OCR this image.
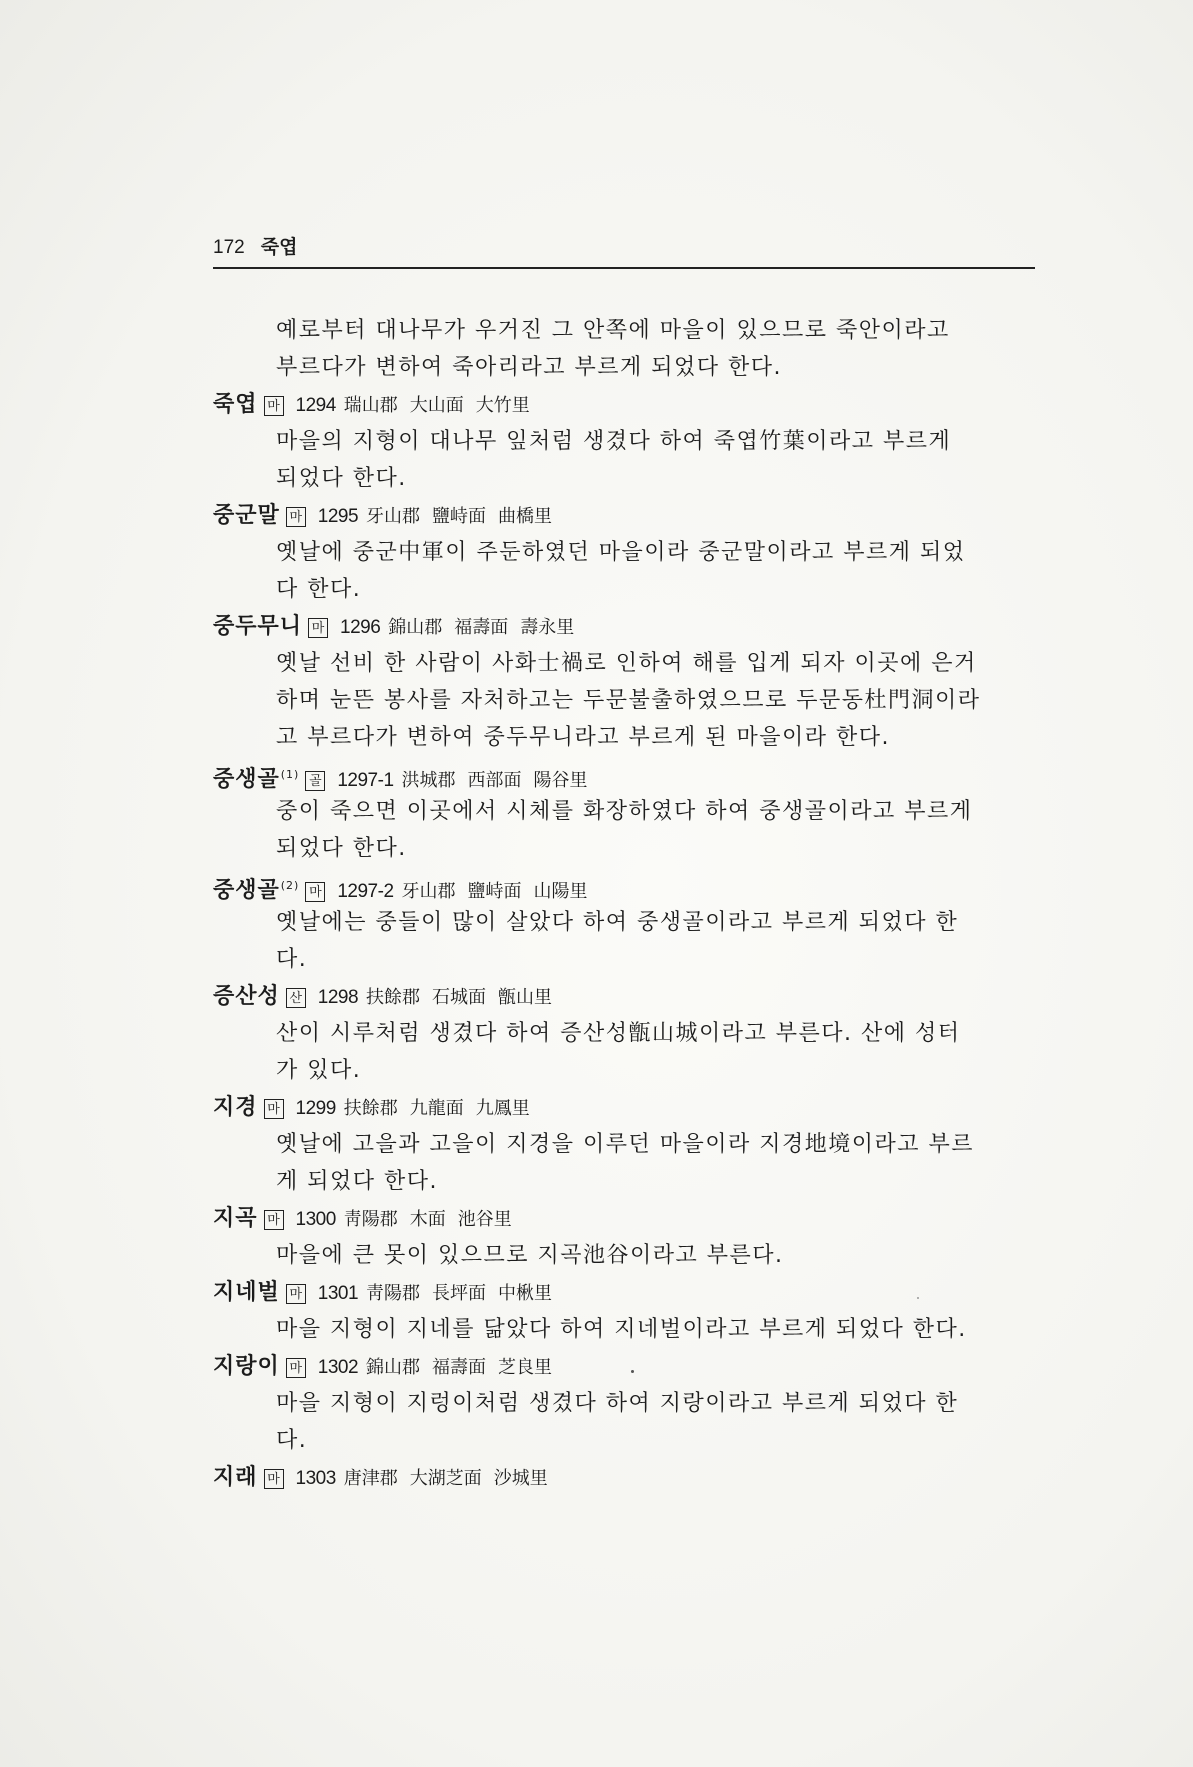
172 죽엽
예로부터 대나무가 우거진 그 안쪽에 마을이 있으므로 죽안이라고
부르다가 변하여 죽아리라고 부르게 되었다 한다.
죽엽 마 1294 瑞山郡 大山面 大竹里
마을의 지형이 대나무 잎처럼 생겼다 하여 죽엽竹葉이라고 부르게
되었다 한다.
중군말 마 1295 牙山郡 鹽峙面 曲橋里
옛날에 중군中軍이 주둔하였던 마을이라 중군말이라고 부르게 되었
다 한다.
중두무니 마 1296 錦山郡 福壽面 壽永里
옛날 선비 한 사람이 사화士禍로 인하여 해를 입게 되자 이곳에 은거
하며 눈뜬 봉사를 자처하고는 두문불출하였으므로 두문동杜門洞이라
고 부르다가 변하여 중두무니라고 부르게 된 마을이라 한다.
중생골$^{(1)}$ 골 1297-1 洪城郡 西部面 陽谷里
중이 죽으면 이곳에서 시체를 화장하였다 하여 중생골이라고 부르게
되었다 한다.
중생골$^{(2)}$ 마 1297-2 牙山郡 鹽峙面 山陽里
옛날에는 중들이 많이 살았다 하여 중생골이라고 부르게 되었다 한
다.
증산성 산 1298 扶餘郡 石城面 甑山里
산이 시루처럼 생겼다 하여 증산성甑山城이라고 부른다. 산에 성터
가 있다.
지경 마 1299 扶餘郡 九龍面 九鳳里
옛날에 고을과 고을이 지경을 이루던 마을이라 지경地境이라고 부르
게 되었다 한다.
지곡 마 1300 靑陽郡 木面 池谷里
마을에 큰 못이 있으므로 지곡池谷이라고 부른다.
지네벌 마 1301 靑陽郡 長坪面 中楸里
마을 지형이 지네를 닮았다 하여 지네벌이라고 부르게 되었다 한다.
지랑이 마 1302 錦山郡 福壽面 芝良里
마을 지형이 지렁이처럼 생겼다 하여 지랑이라고 부르게 되었다 한
다.
지래 마 1303 唐津郡 大湖芝面 沙城里
